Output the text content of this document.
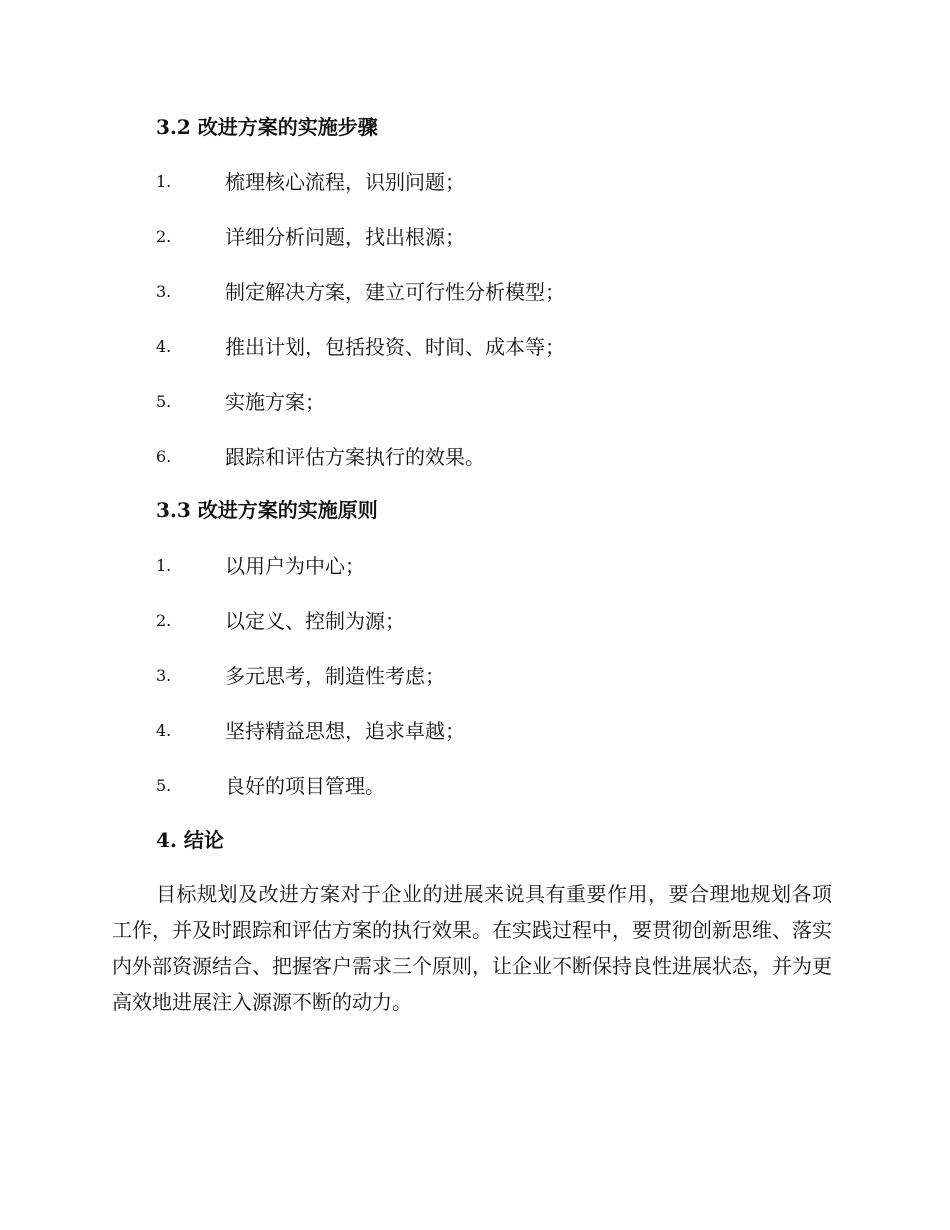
3.2 改进方案的实施步骤
1.	梳理核心流程，识别问题；
2.	详细分析问题，找出根源；
3.	制定解决方案，建立可行性分析模型；
4.	推出计划，包括投资、时间、成本等；
5.	实施方案；
6.	跟踪和评估方案执行的效果。
3.3 改进方案的实施原则
1.	以用户为中心；
2.	以定义、控制为源；
3.	多元思考，制造性考虑；
4.	坚持精益思想，追求卓越；
5.	良好的项目管理。
4. 结论

目标规划及改进方案对于企业的进展来说具有重要作用，要合理地规划各项工作，并及时跟踪和评估方案的执行效果。在实践过程中，要贯彻创新思维、落实内外部资源结合、把握客户需求三个原则，让企业不断保持良性进展状态，并为更高效地进展注入源源不断的动力。
